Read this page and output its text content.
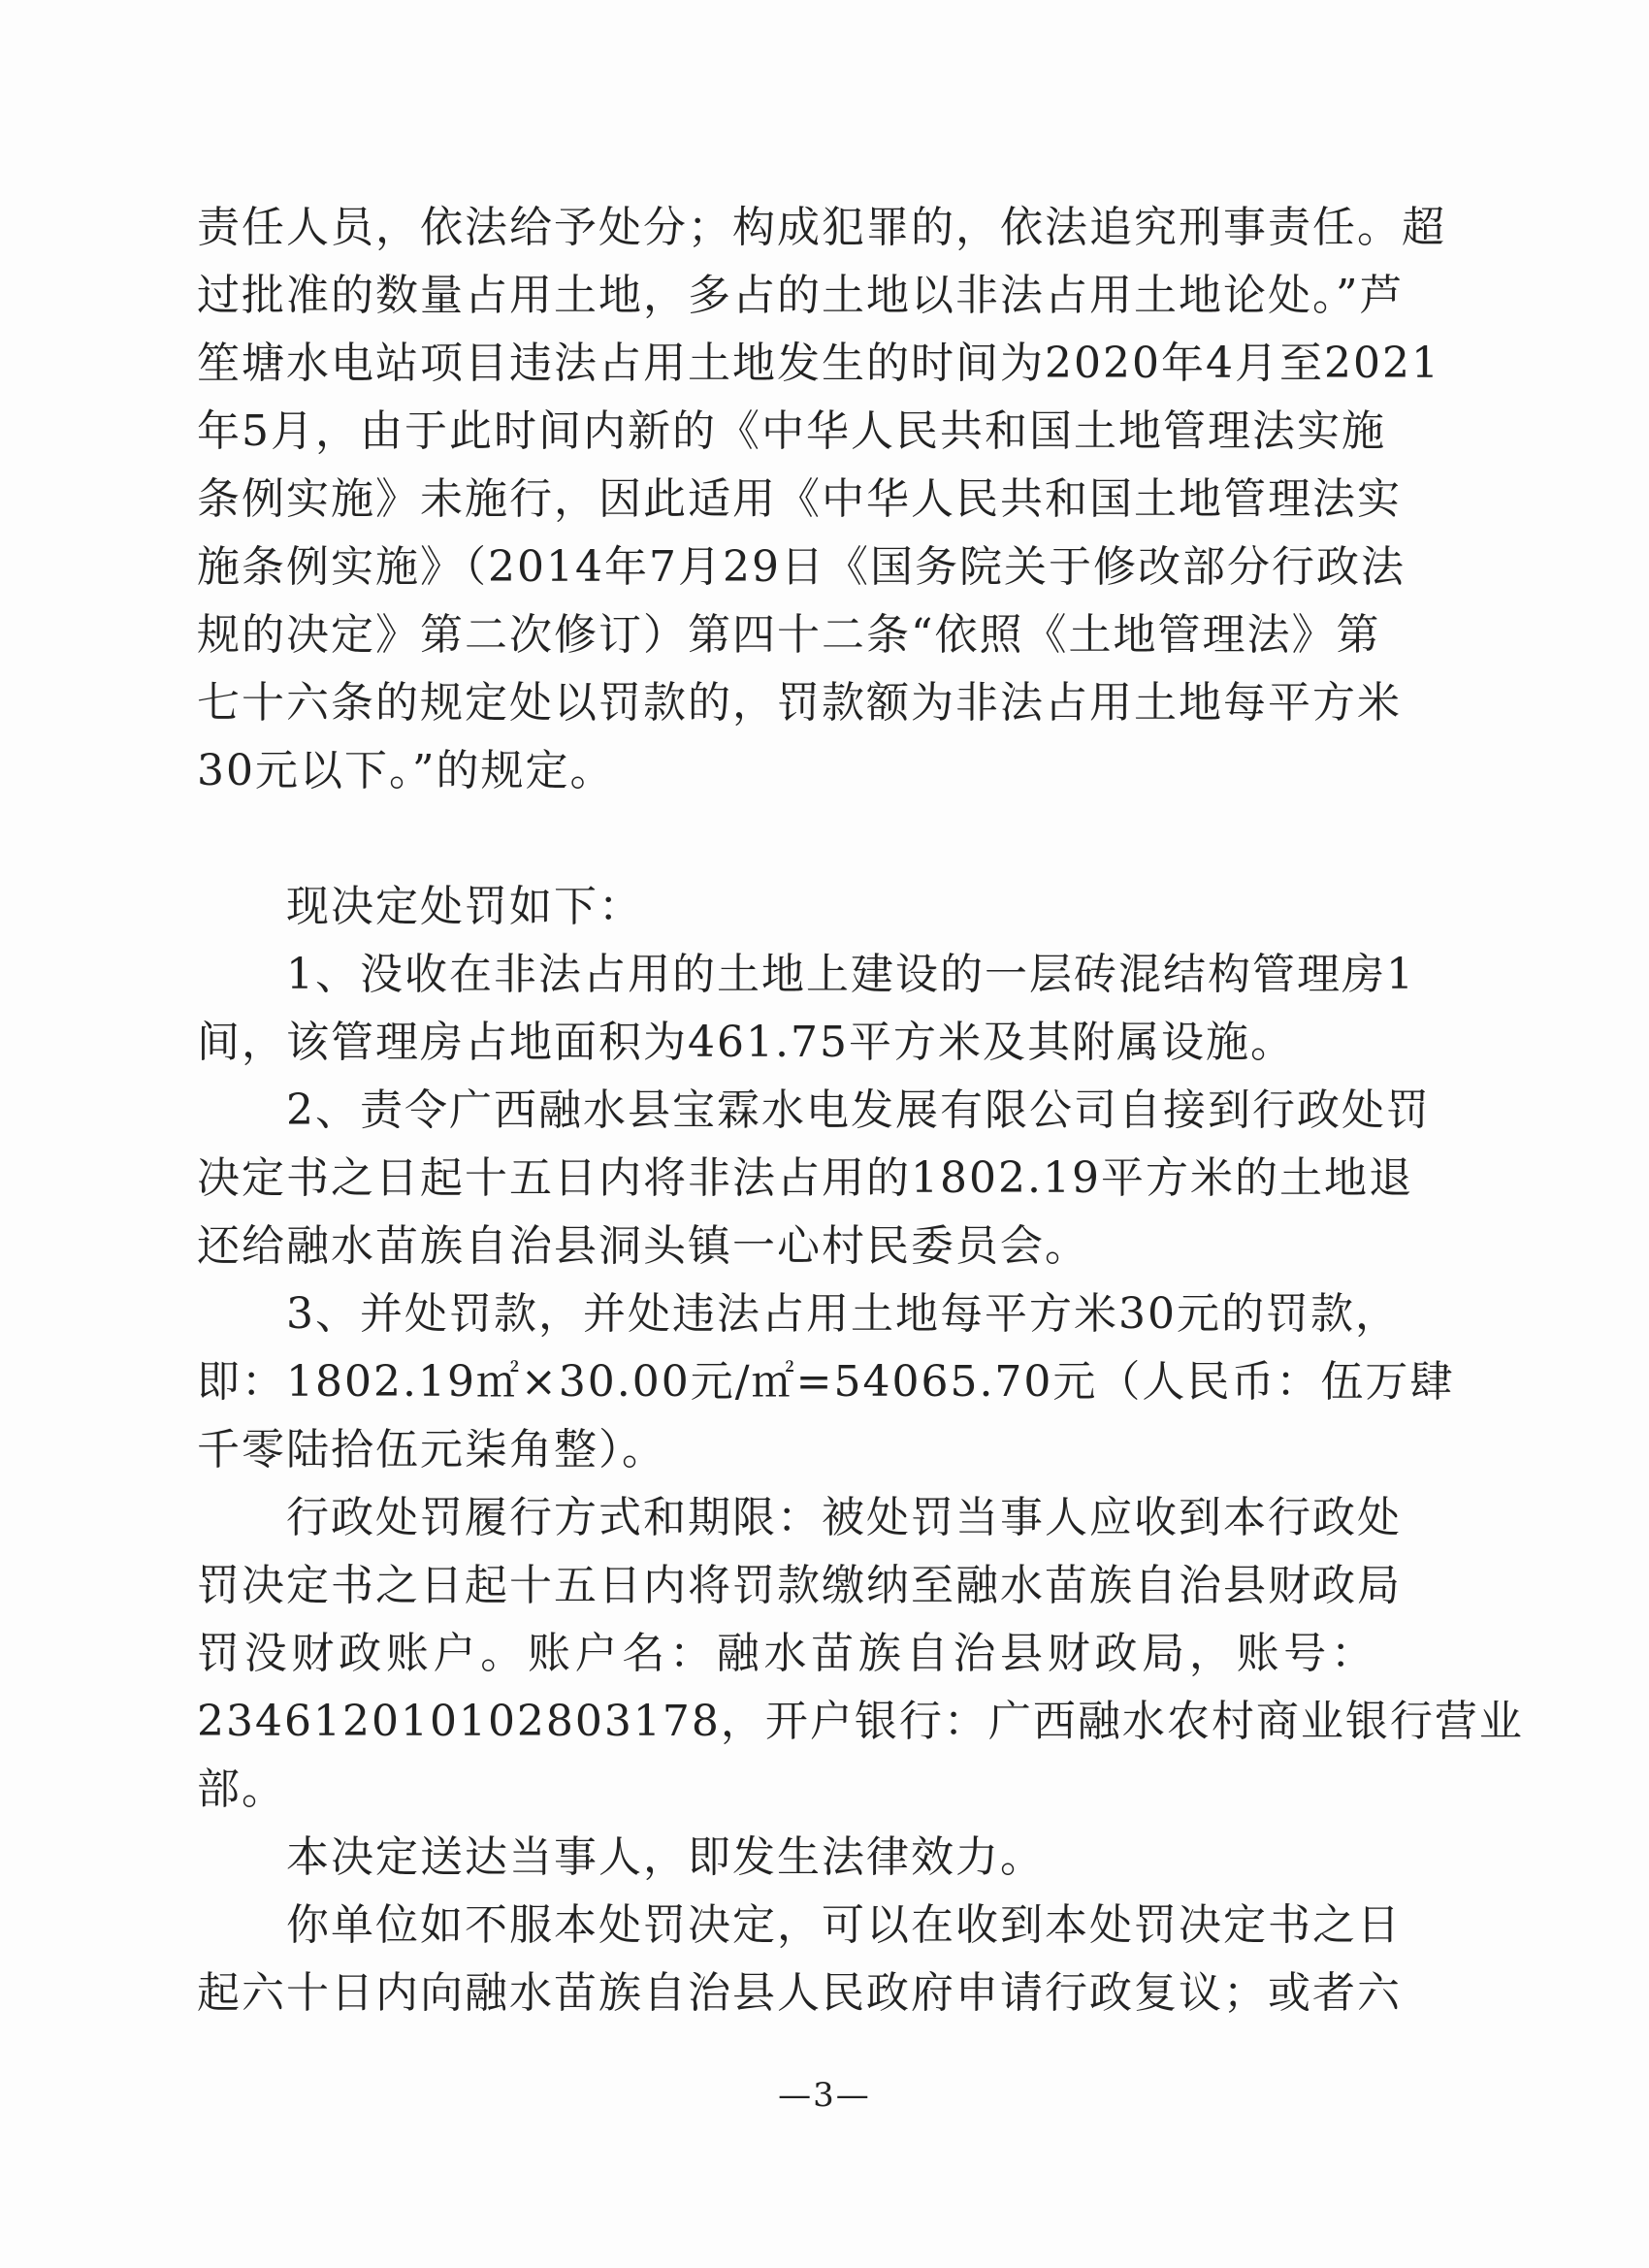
责任人员，依法给予处分；构成犯罪的，依法追究刑事责任。超
过批准的数量占用土地，多占的土地以非法占用土地论处。”芦
笙塘水电站项目违法占用土地发生的时间为2020年4月至2021
年5月，由于此时间内新的《中华人民共和国土地管理法实施
条例实施》未施行，因此适用《中华人民共和国土地管理法实
施条例实施》（2014年7月29日《国务院关于修改部分行政法
规的决定》第二次修订）第四十二条“依照《土地管理法》第
七十六条的规定处以罚款的，罚款额为非法占用土地每平方米
30元以下。”的规定。
　　现决定处罚如下：
　　1、没收在非法占用的土地上建设的一层砖混结构管理房1
间，该管理房占地面积为461.75平方米及其附属设施。
　　2、责令广西融水县宝霖水电发展有限公司自接到行政处罚
决定书之日起十五日内将非法占用的1802.19平方米的土地退
还给融水苗族自治县洞头镇一心村民委员会。
　　3、并处罚款，并处违法占用土地每平方米30元的罚款，
即：1802.19㎡×30.00元/㎡=54065.70元（人民币：伍万肆
千零陆拾伍元柒角整）。
　　行政处罚履行方式和期限：被处罚当事人应收到本行政处
罚决定书之日起十五日内将罚款缴纳至融水苗族自治县财政局
罚没财政账户。账户名：融水苗族自治县财政局，账号：
234612010102803178，开户银行：广西融水农村商业银行营业
部。
　　本决定送达当事人，即发生法律效力。
　　你单位如不服本处罚决定，可以在收到本处罚决定书之日
起六十日内向融水苗族自治县人民政府申请行政复议；或者六
—3—
